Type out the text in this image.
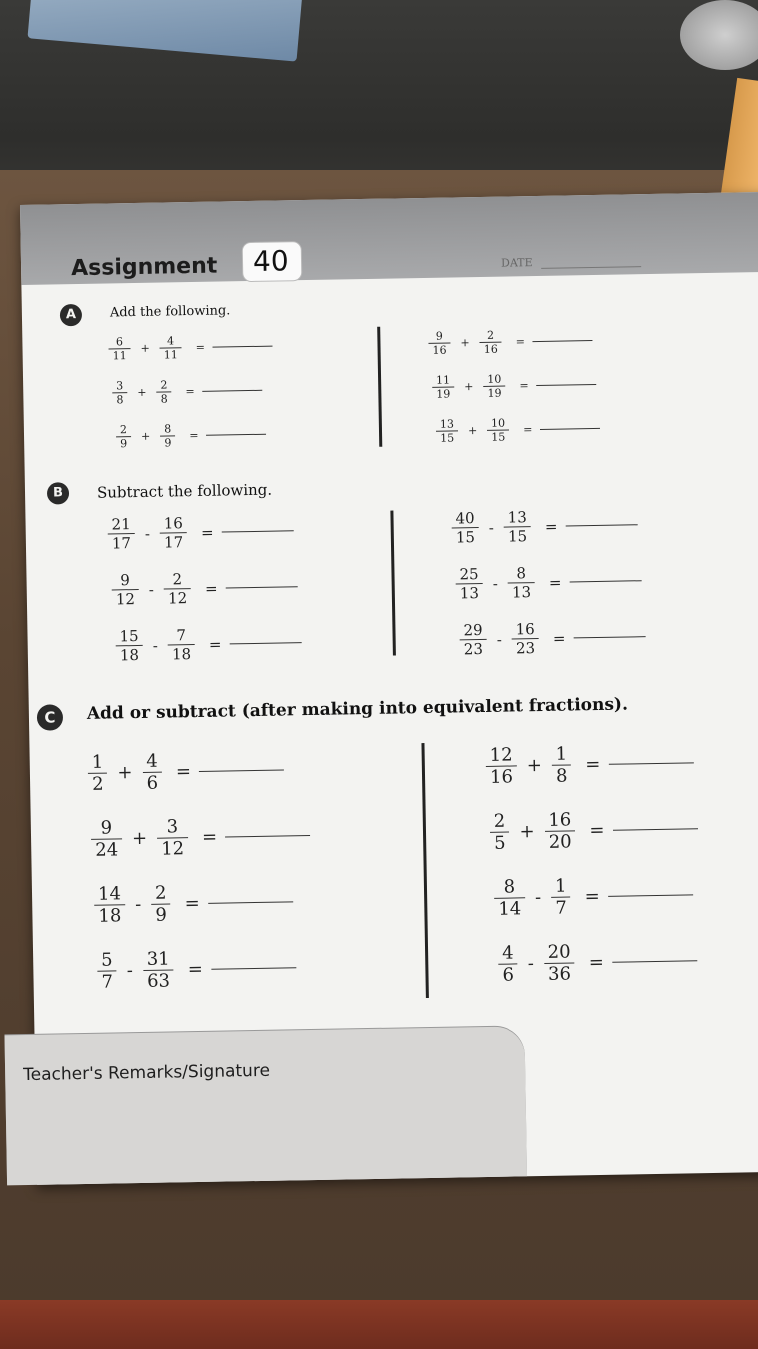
Assignment 40	DATE
A	Add the following.
$\frac{6}{11} + \frac{4}{11}$ =
$\frac{3}{8} + \frac{2}{8}$ =
$\frac{2}{9} + \frac{8}{9}$ =
$\frac{9}{16} + \frac{2}{16}$ =
$\frac{11}{19} + \frac{10}{19}$ =
$\frac{13}{15} + \frac{10}{15}$ =
B	Subtract the following.
$\frac{21}{17} - \frac{16}{17}$ =
$\frac{9}{12} - \frac{2}{12}$ =
$\frac{15}{18} - \frac{7}{18}$ =
$\frac{40}{15} - \frac{13}{15}$ =
$\frac{25}{13} - \frac{8}{13}$ =
$\frac{29}{23} - \frac{16}{23}$ =
C	Add or subtract (after making into equivalent fractions).
$\frac{1}{2} + \frac{4}{6}$ =
$\frac{9}{24} + \frac{3}{12}$ =
$\frac{14}{18} - \frac{2}{9}$ =
$\frac{5}{7} - \frac{31}{63}$ =
$\frac{12}{16} + \frac{1}{8}$ =
$\frac{2}{5} + \frac{16}{20}$ =
$\frac{8}{14} - \frac{1}{7}$ =
$\frac{4}{6} - \frac{20}{36}$ =
Teacher's Remarks/Signature
